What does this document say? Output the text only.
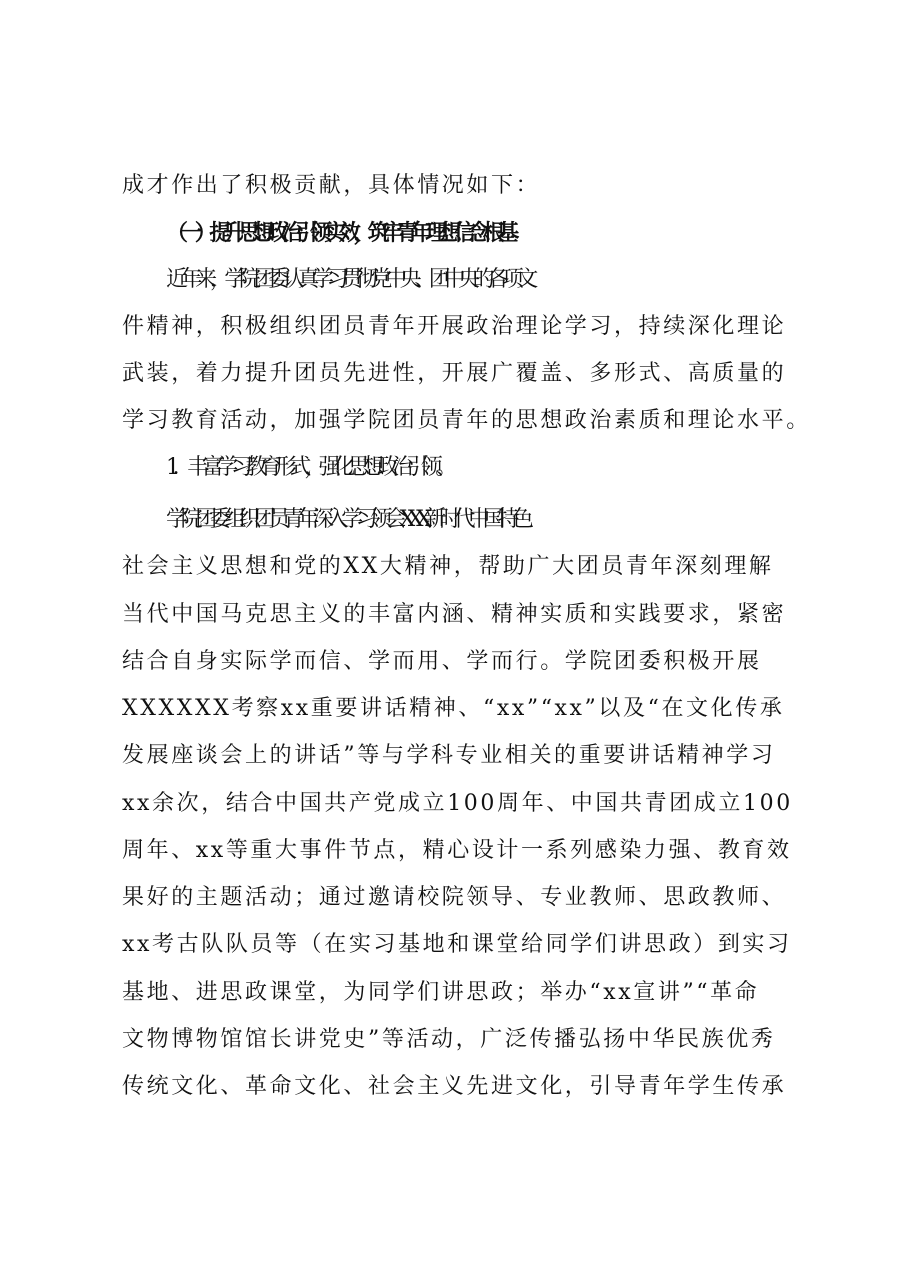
成才作出了积极贡献，具体情况如下：

（一）提升思想政治引领实效，筑牢青年理想信念根基

近年来，学院团委认真学习贯彻党中央、团中央的各项文

件精神，积极组织团员青年开展政治理论学习，持续深化理论

武装，着力提升团员先进性，开展广覆盖、多形式、高质量的

学习教育活动，加强学院团员青年的思想政治素质和理论水平。

1．丰富学习教育形式，强化思想政治引领。

学院团委组织团员青年深入学习领会XXX新时代中国特色

社会主义思想和党的XX大精神，帮助广大团员青年深刻理解

当代中国马克思主义的丰富内涵、精神实质和实践要求，紧密

结合自身实际学而信、学而用、学而行。学院团委积极开展

XXXXXX考察xx重要讲话精神、“xx”“xx”以及“在文化传承

发展座谈会上的讲话”等与学科专业相关的重要讲话精神学习

xx余次，结合中国共产党成立100周年、中国共青团成立100

周年、xx等重大事件节点，精心设计一系列感染力强、教育效

果好的主题活动；通过邀请校院领导、专业教师、思政教师、

xx考古队队员等（在实习基地和课堂给同学们讲思政）到实习

基地、进思政课堂，为同学们讲思政；举办“xx宣讲”“革命

文物博物馆馆长讲党史”等活动，广泛传播弘扬中华民族优秀

传统文化、革命文化、社会主义先进文化，引导青年学生传承
